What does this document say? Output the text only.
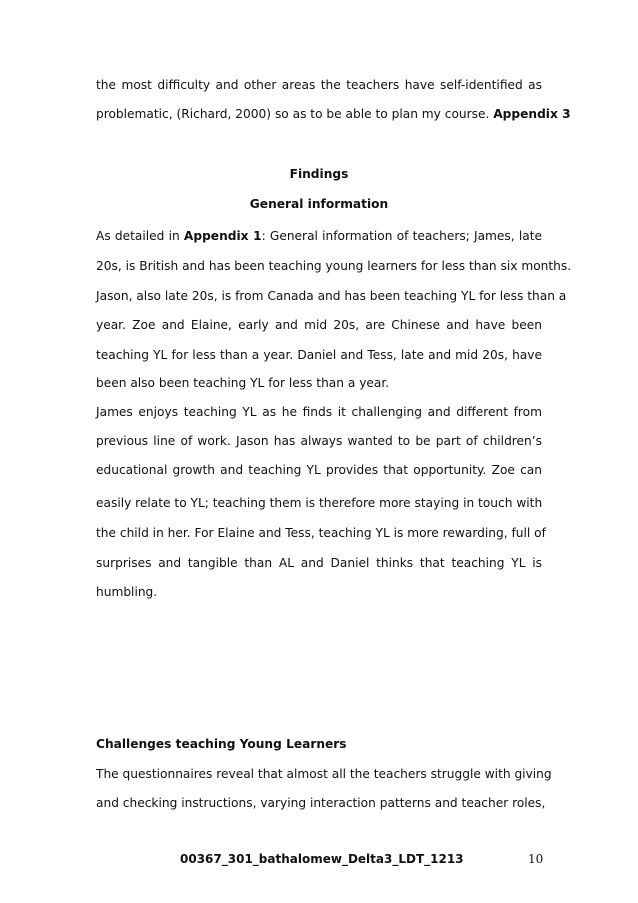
the most difficulty and other areas the teachers have self-identified as
problematic, (Richard, 2000) so as to be able to plan my course. Appendix 3
Findings
General information
As detailed in Appendix 1: General information of teachers; James, late
20s, is British and has been teaching young learners for less than six months.
Jason, also late 20s, is from Canada and has been teaching YL for less than a
year. Zoe and Elaine, early and mid 20s, are Chinese and have been
teaching YL for less than a year. Daniel and Tess, late and mid 20s, have
been also been teaching YL for less than a year.
James enjoys teaching YL as he finds it challenging and different from
previous line of work. Jason has always wanted to be part of children’s
educational growth and teaching YL provides that opportunity. Zoe can
easily relate to YL; teaching them is therefore more staying in touch with
the child in her. For Elaine and Tess, teaching YL is more rewarding, full of
surprises and tangible than AL and Daniel thinks that teaching YL is
humbling.
Challenges teaching Young Learners
The questionnaires reveal that almost all the teachers struggle with giving
and checking instructions, varying interaction patterns and teacher roles,
00367_301_bathalomew_Delta3_LDT_1213	10
